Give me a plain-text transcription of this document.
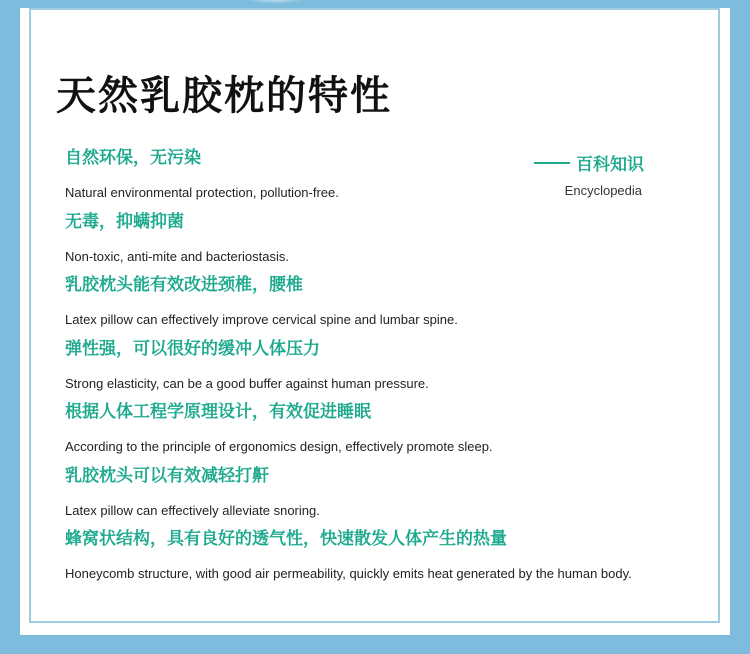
天然乳胶枕的特性
百科知识
Encyclopedia
自然环保，无污染
Natural environmental protection, pollution-free.
无毒，抑螨抑菌
Non-toxic, anti-mite and bacteriostasis.
乳胶枕头能有效改进颈椎，腰椎
Latex pillow can effectively improve cervical spine and lumbar spine.
弹性强，可以很好的缓冲人体压力
Strong elasticity, can be a good buffer against human pressure.
根据人体工程学原理设计，有效促进睡眠
According to the principle of ergonomics design, effectively promote sleep.
乳胶枕头可以有效减轻打鼾
Latex pillow can effectively alleviate snoring.
蜂窝状结构，具有良好的透气性，快速散发人体产生的热量
Honeycomb structure, with good air permeability, quickly emits heat generated by the human body.
